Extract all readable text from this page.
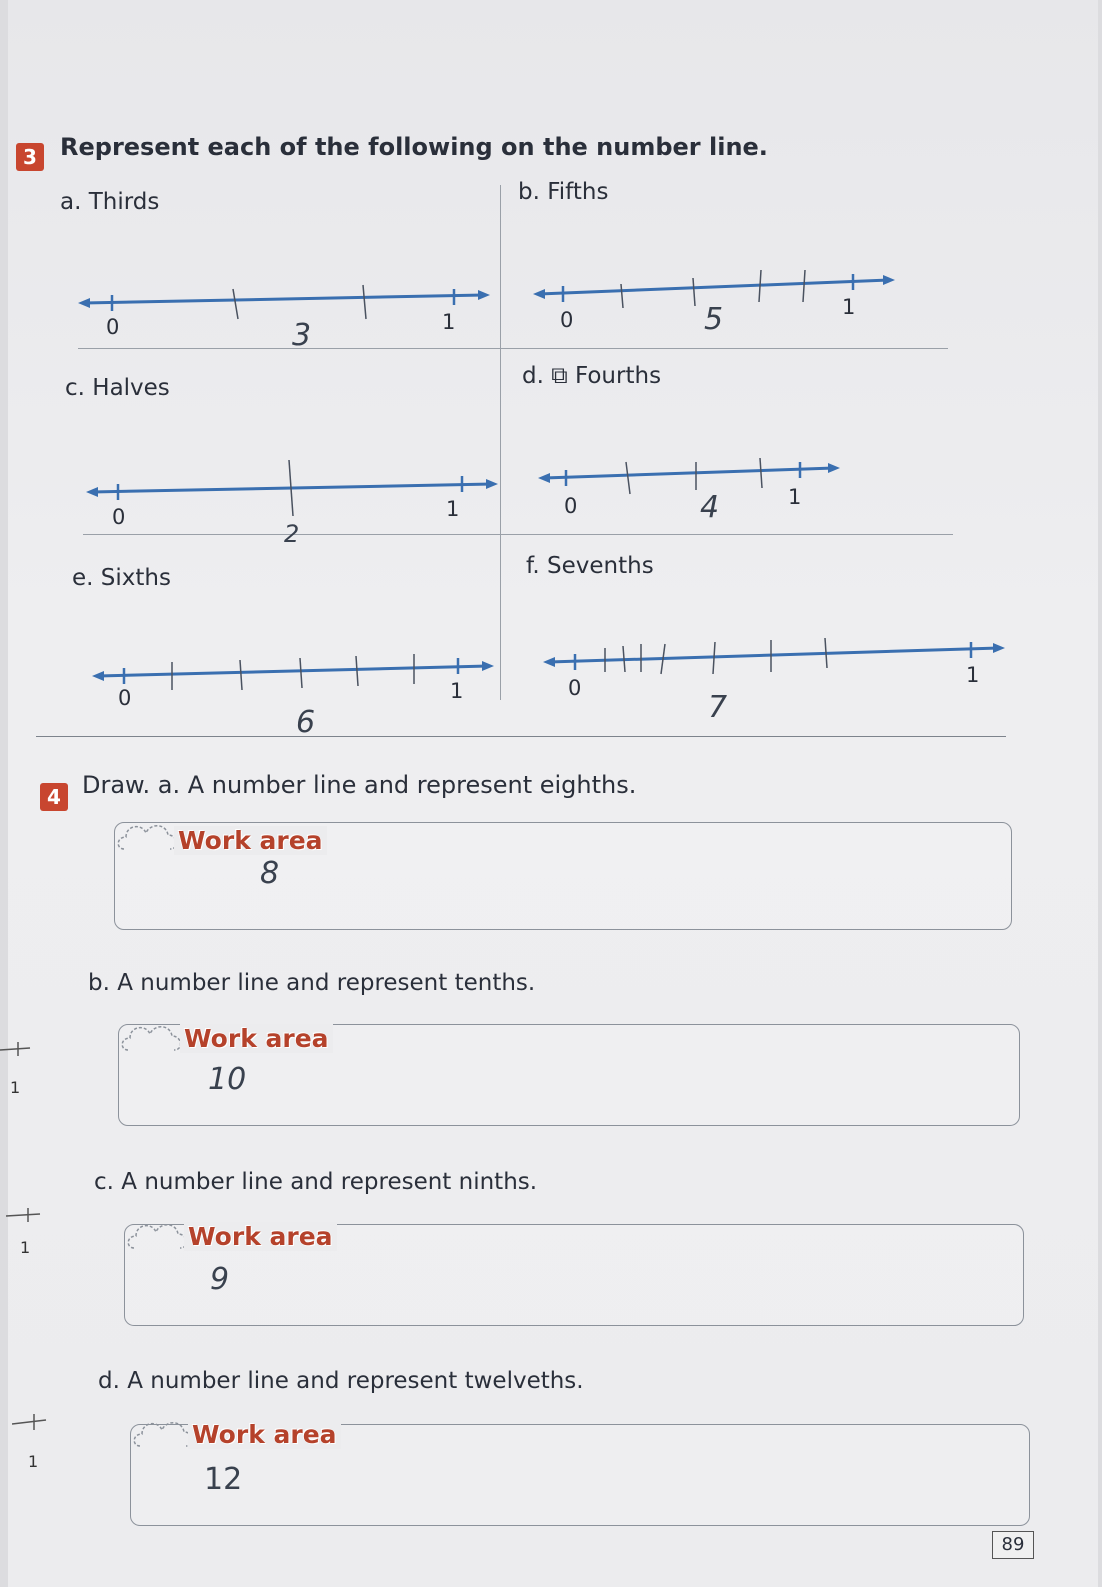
3 Represent each of the following on the number line.
a. Thirds
0	1
3
b. Fifths
0
1
5
c. Halves
0	1
2
d. ⧉ Fourths
0	1
4
e. Sixths
0	1
6
f. Sevenths
0
1
7
4 Draw. a. A number line and represent eighths.
Work area
8
b. A number line and represent tenths.
Work area
10
c. A number line and represent ninths.
Work area
9
d. A number line and represent twelveths.
Work area
12
1
1
1
89
